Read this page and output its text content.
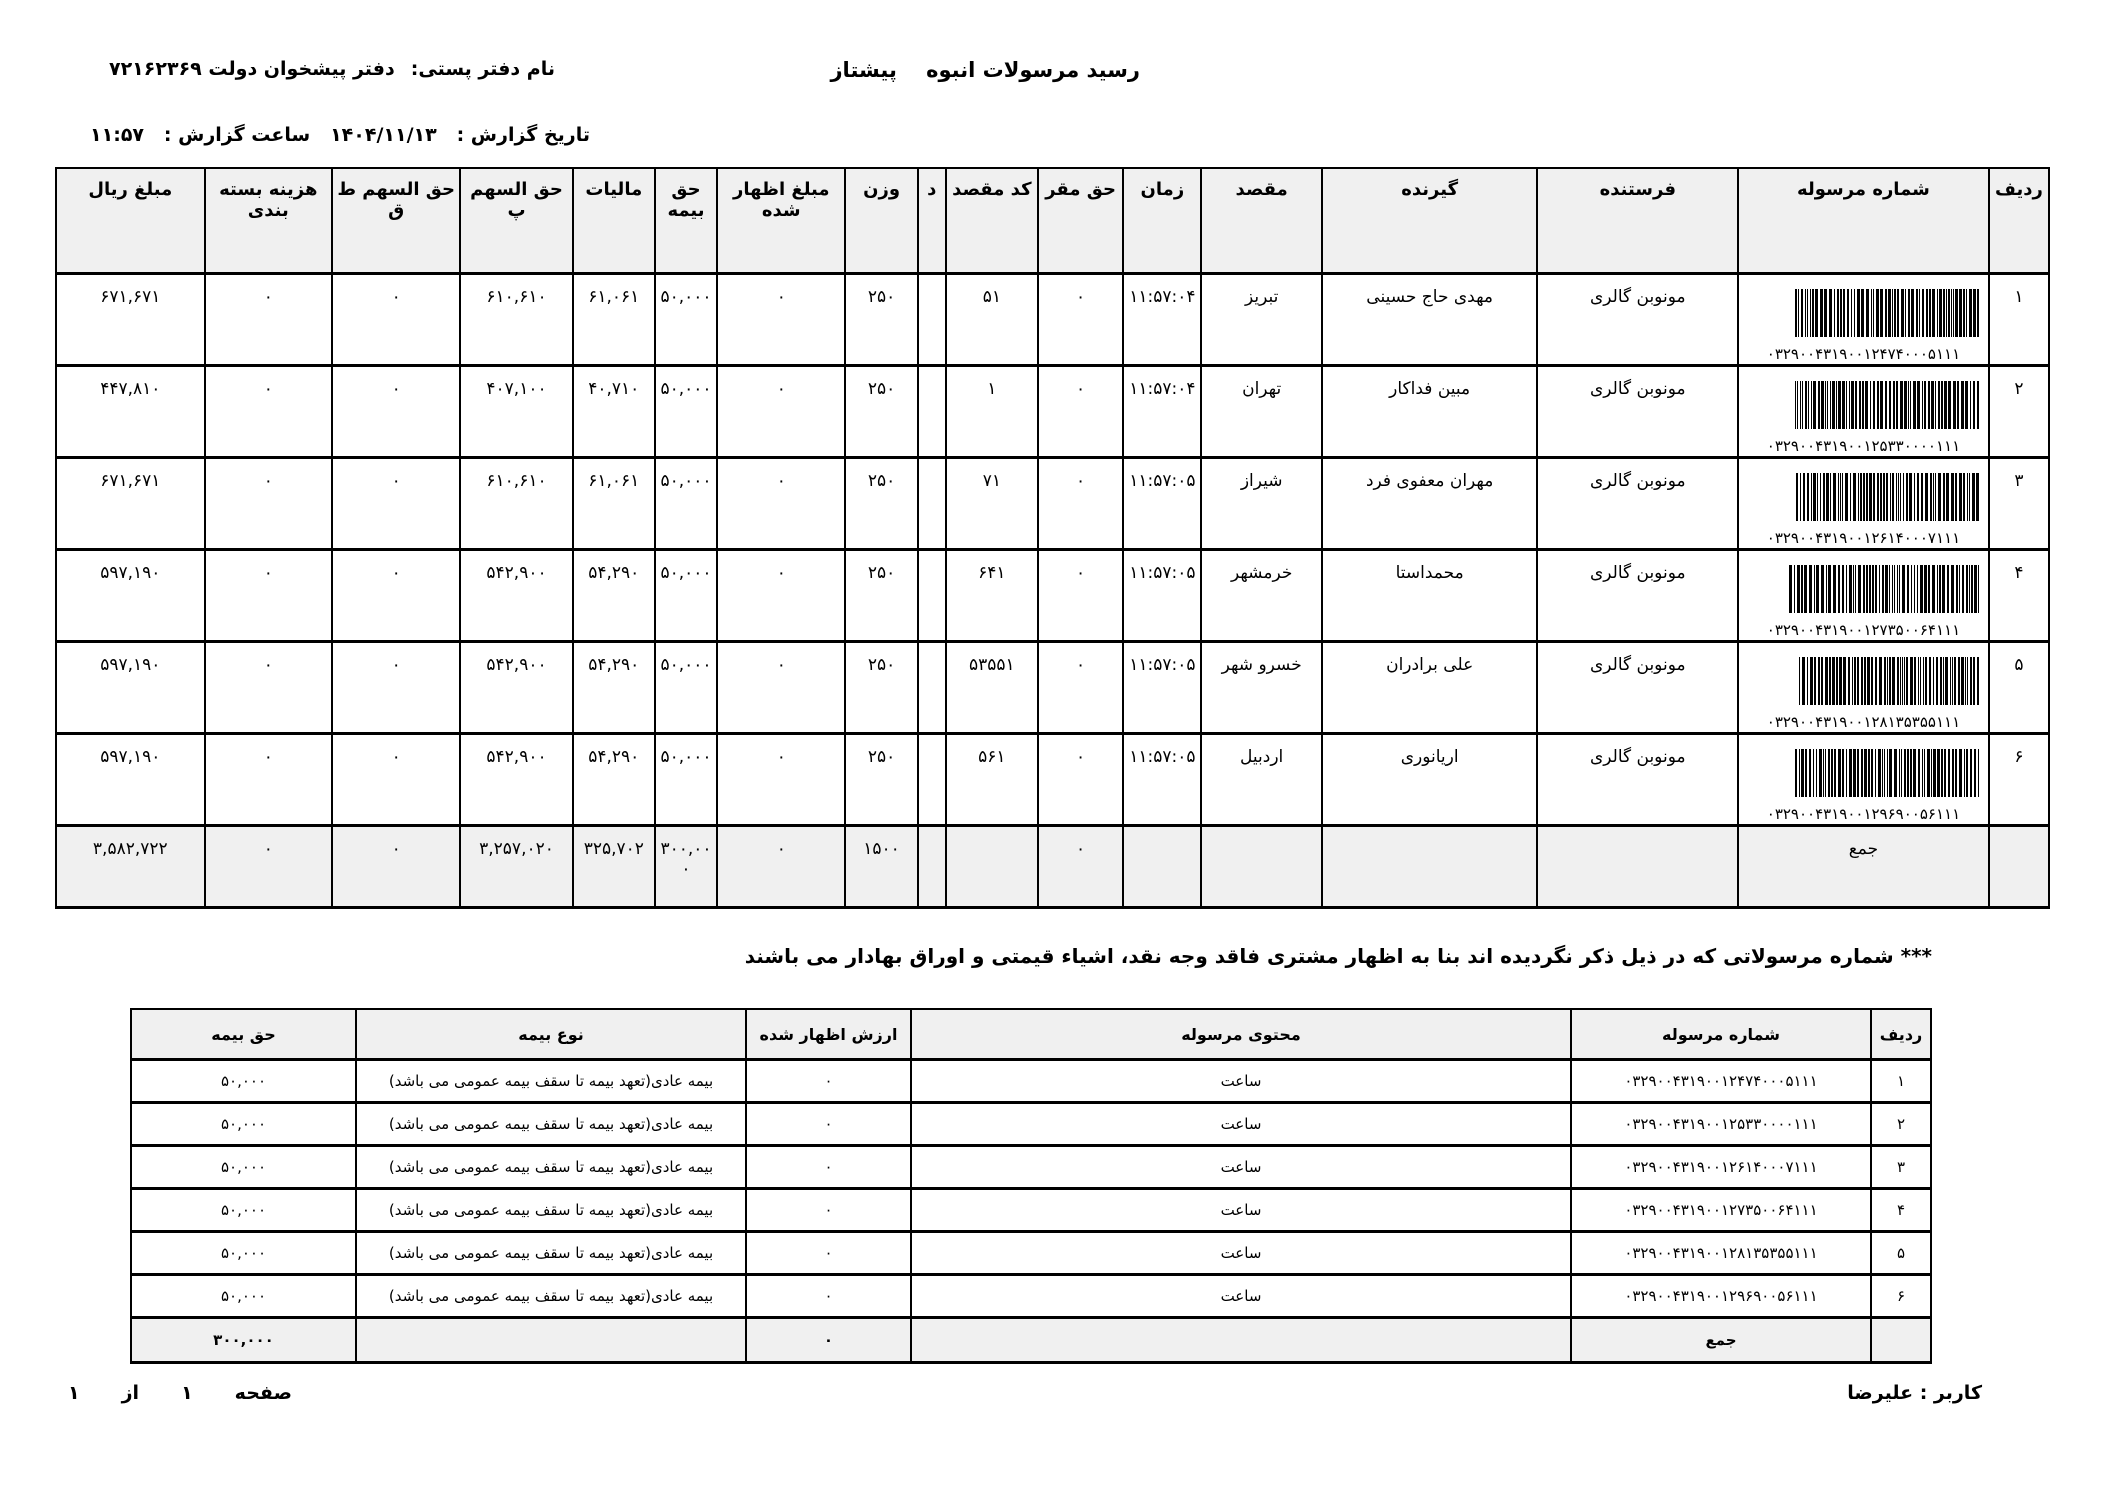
رسید مرسولات انبوه    پیشتاز
نام دفتر پستی:
دفتر پیشخوان دولت ۷۲۱۶۲۳۶۹
تاریخ گزارش :
۱۴۰۴/۱۱/۱۳
ساعت گزارش :
۱۱:۵۷
ردیف	شماره مرسوله	فرستنده	گیرنده	مقصد	زمان	حق مقر	کد مقصد	د	وزن	مبلغ اظهار شده	حق بیمه	مالیات	حق السهم پ	حق السهم ط ق	هزینه بسته بندی	مبلغ ریال
۱	۰۳۲۹۰۰۴۳۱۹۰۰۱۲۴۷۴۰۰۰۵۱۱۱	مونوبن گالری	مهدی حاج حسینی	تبریز	۱۱:۵۷:۰۴	۰	۵۱		۲۵۰	۰	۵۰,۰۰۰	۶۱,۰۶۱	۶۱۰,۶۱۰	۰	۰	۶۷۱,۶۷۱
۲	۰۳۲۹۰۰۴۳۱۹۰۰۱۲۵۳۳۰۰۰۰۱۱۱	مونوبن گالری	مبین فداکار	تهران	۱۱:۵۷:۰۴	۰	۱		۲۵۰	۰	۵۰,۰۰۰	۴۰,۷۱۰	۴۰۷,۱۰۰	۰	۰	۴۴۷,۸۱۰
۳	۰۳۲۹۰۰۴۳۱۹۰۰۱۲۶۱۴۰۰۰۷۱۱۱	مونوبن گالری	مهران معفوی فرد	شیراز	۱۱:۵۷:۰۵	۰	۷۱		۲۵۰	۰	۵۰,۰۰۰	۶۱,۰۶۱	۶۱۰,۶۱۰	۰	۰	۶۷۱,۶۷۱
۴	۰۳۲۹۰۰۴۳۱۹۰۰۱۲۷۳۵۰۰۶۴۱۱۱	مونوبن گالری	محمداستا	خرمشهر	۱۱:۵۷:۰۵	۰	۶۴۱		۲۵۰	۰	۵۰,۰۰۰	۵۴,۲۹۰	۵۴۲,۹۰۰	۰	۰	۵۹۷,۱۹۰
۵	۰۳۲۹۰۰۴۳۱۹۰۰۱۲۸۱۳۵۳۵۵۱۱۱	مونوبن گالری	علی برادران	خسرو شهر	۱۱:۵۷:۰۵	۰	۵۳۵۵۱		۲۵۰	۰	۵۰,۰۰۰	۵۴,۲۹۰	۵۴۲,۹۰۰	۰	۰	۵۹۷,۱۹۰
۶	۰۳۲۹۰۰۴۳۱۹۰۰۱۲۹۶۹۰۰۵۶۱۱۱	مونوبن گالری	اریانوری	اردبیل	۱۱:۵۷:۰۵	۰	۵۶۱		۲۵۰	۰	۵۰,۰۰۰	۵۴,۲۹۰	۵۴۲,۹۰۰	۰	۰	۵۹۷,۱۹۰
	جمع					۰			۱۵۰۰	۰	۳۰۰,۰۰۰	۳۲۵,۷۰۲	۳,۲۵۷,۰۲۰	۰	۰	۳,۵۸۲,۷۲۲
*** شماره مرسولاتی که در ذیل ذکر نگردیده اند بنا به اظهار مشتری فاقد وجه نقد، اشیاء قیمتی و اوراق بهادار می باشند
ردیف	شماره مرسوله	محتوی مرسوله	ارزش اظهار شده	نوع بیمه	حق بیمه
۱	۰۳۲۹۰۰۴۳۱۹۰۰۱۲۴۷۴۰۰۰۵۱۱۱	ساعت	۰	بیمه عادی(تعهد بیمه تا سقف بیمه عمومی می باشد)	۵۰,۰۰۰
۲	۰۳۲۹۰۰۴۳۱۹۰۰۱۲۵۳۳۰۰۰۰۱۱۱	ساعت	۰	بیمه عادی(تعهد بیمه تا سقف بیمه عمومی می باشد)	۵۰,۰۰۰
۳	۰۳۲۹۰۰۴۳۱۹۰۰۱۲۶۱۴۰۰۰۷۱۱۱	ساعت	۰	بیمه عادی(تعهد بیمه تا سقف بیمه عمومی می باشد)	۵۰,۰۰۰
۴	۰۳۲۹۰۰۴۳۱۹۰۰۱۲۷۳۵۰۰۶۴۱۱۱	ساعت	۰	بیمه عادی(تعهد بیمه تا سقف بیمه عمومی می باشد)	۵۰,۰۰۰
۵	۰۳۲۹۰۰۴۳۱۹۰۰۱۲۸۱۳۵۳۵۵۱۱۱	ساعت	۰	بیمه عادی(تعهد بیمه تا سقف بیمه عمومی می باشد)	۵۰,۰۰۰
۶	۰۳۲۹۰۰۴۳۱۹۰۰۱۲۹۶۹۰۰۵۶۱۱۱	ساعت	۰	بیمه عادی(تعهد بیمه تا سقف بیمه عمومی می باشد)	۵۰,۰۰۰
	جمع		۰		۳۰۰,۰۰۰
کاربر : علیرضا
صفحه
۱
از
۱
